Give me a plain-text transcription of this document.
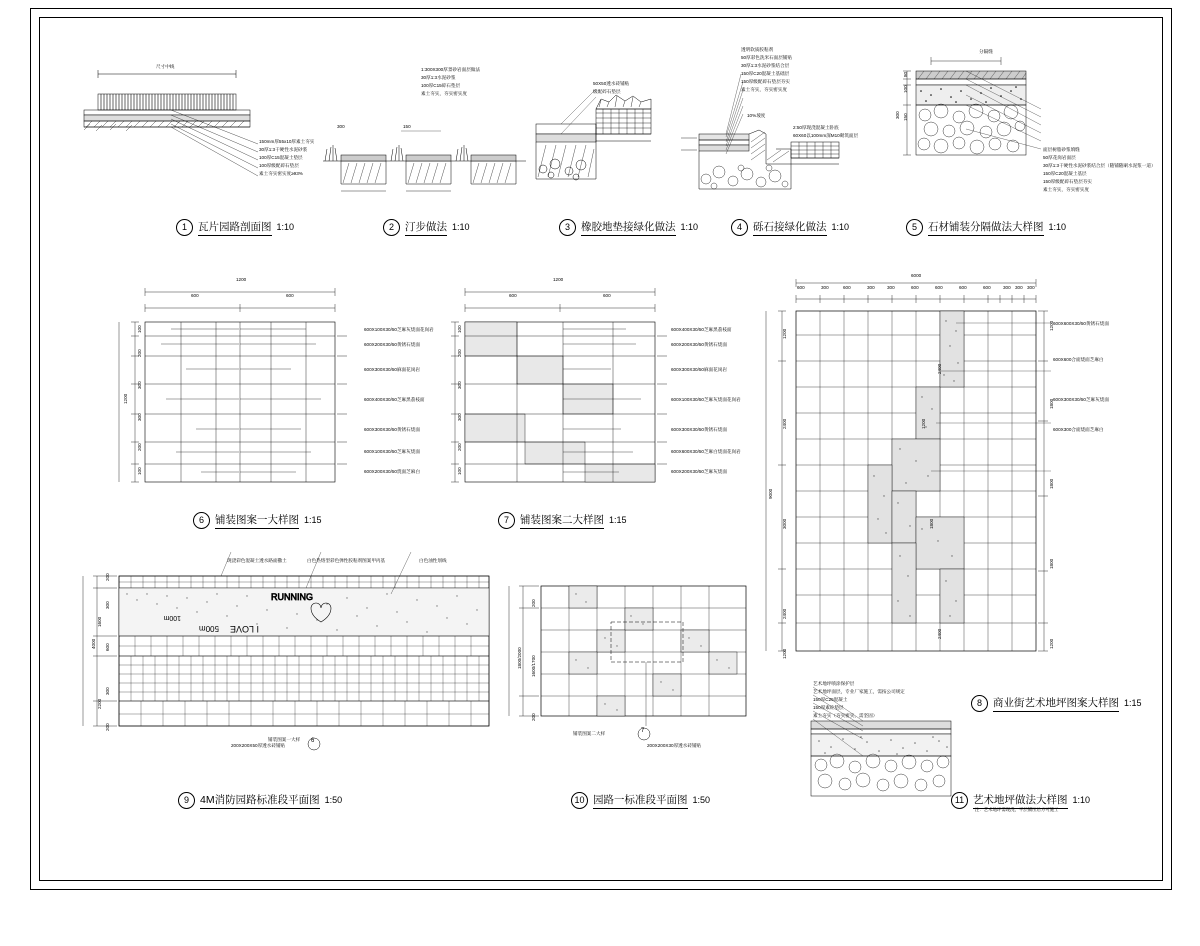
尺寸中线
150mm厚55x10厚素土夯实
30厚1:3干硬性水泥砂浆
100厚C15混凝土垫层
100厚级配碎石垫层
素土夯实密实度≥93%
1	瓦片园路剖面图 1:10
300	150
1:300X300厚景砂岩面层做法
30厚1:3水泥砂浆
100厚C15碎石垫层
素土夯实，夯实密实度
2	汀步做法 1:10
50X50透水砖铺贴
级配碎石垫层
3	橡胶地垫接绿化做法 1:10
透明软质胶粘剂
50厚彩色洗米石面层铺贴
30厚1:3水泥砂浆结合层
150厚C20混凝土基础层
150厚级配碎石垫层夯实
素土夯实，夯实密实度
10%坡度
2:50厚现浇混凝土卧底
60X60以100mm深M10砌筑面层
4	砾石接绿化做法 1:10
分隔缝
80
100
150
300
面层树脂砂浆填缝
50厚花岗岩面层
30厚1:3干硬性水泥砂浆结合层（随铺随刷水泥浆一道）
150厚C20混凝土基层
150厚级配碎石垫层夯实
素土夯实，夯实密实度
5	石材铺装分隔做法大样图 1:10
1200
600	600
1200
100
200
300
300
200
100
600X100X30/50芝麻灰烧面花岗岩
600X200X30/50黄锈石烧面
600X300X30/50麻面花岗岩
600X400X30/50芝麻黑荔枝面
600X300X30/50黄锈石烧面
600X100X30/50芝麻灰烧面
600X200X30/50烧面芝麻白
6	铺装图案一大样图 1:15
1200
600	600
100
200
300
300
200
100
600X400X30/50芝麻黑荔枝面
600X200X30/50黄锈石烧面
600X300X30/50麻面花岗岩
600X100X30/50芝麻灰烧面花岗岩
600X300X30/50黄锈石烧面
600X600X30/50芝麻白烧面花岗岩
600X200X30/50芝麻灰烧面
7	铺装图案二大样图 1:15
6000
600	300	600	300	300	600	600	600	600	300 300 300
9000
1200
2400
3000
2400
1200
1200
1800
1800
1800
1200
1200
1800
2400
2400
600X600X30/50黄锈石烧面
600X600合面烧面芝麻白
600X300X30/50芝麻灰烧面
600X300合面烧面芝麻白
8	商业街艺术地坪图案大样图 1:15
RUNNING
I LOVE
500m
100m
现浇彩色混凝土透水路面撒土	白色热熔型彩色弹性胶粘剂图案甲丙基	白色油性划线
4000
200
300
600
300
200
1600
2200
铺装图案一大样 6
200X200X50厚透水砖铺贴
9	4M消防园路标准段平面图 1:50
1800/2000
200
1600/1700
200
铺装图案二大样	7
200X200X30厚透水砖铺贴
10 园路一标准段平面图 1:50
艺术地坪喷涂保护层
艺术地坪面层，专业厂家施工，需按公司规定
150厚C25混凝土
150厚素砼垫层
素土夯实（夯实密实，需坚固）
11 艺术地坪做法大样图 1:10
注：艺术地坪需现浇，平层铺压后方可施工
